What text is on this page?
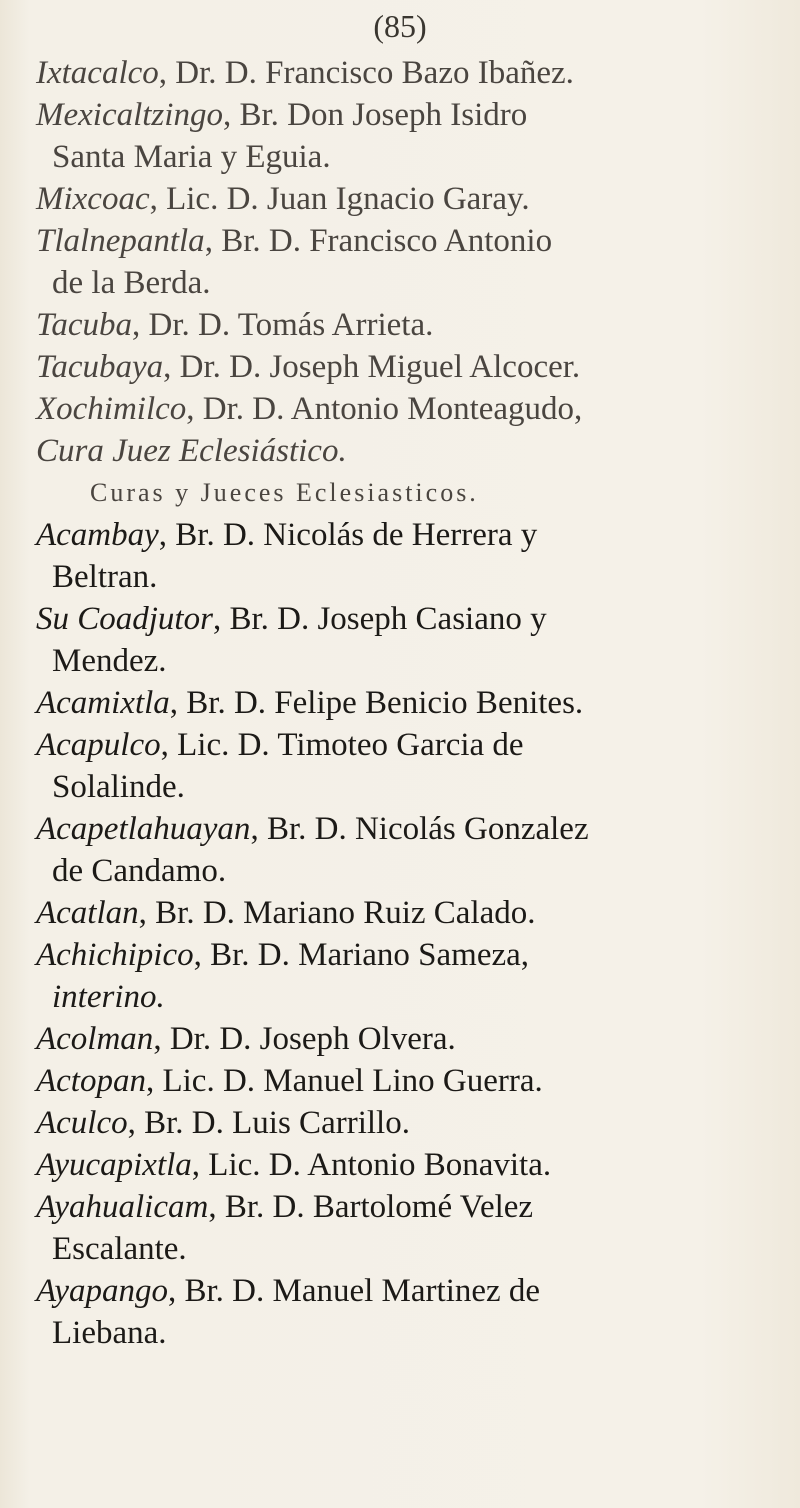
(85)

Ixtacalco, Dr. D. Francisco Bazo Ibañez.

Mexicaltzingo, Br. Don Joseph Isidro
Santa Maria y Eguia.

Mixcoac, Lic. D. Juan Ignacio Garay.

Tlalnepantla, Br. D. Francisco Antonio
de la Berda.

Tacuba, Dr. D. Tomás Arrieta.

Tacubaya, Dr. D. Joseph Miguel Alcocer.

Xochimilco, Dr. D. Antonio Monteagudo,

Cura Juez Eclesiástico.

Curas y Jueces Eclesiasticos.

Acambay, Br. D. Nicolás de Herrera y
Beltran.

Su Coadjutor, Br. D. Joseph Casiano y
Mendez.

Acamixtla, Br. D. Felipe Benicio Benites.

Acapulco, Lic. D. Timoteo Garcia de
Solalinde.

Acapetlahuayan, Br. D. Nicolás Gonzalez
de Candamo.

Acatlan, Br. D. Mariano Ruiz Calado.

Achichipico, Br. D. Mariano Sameza,
interino.

Acolman, Dr. D. Joseph Olvera.

Actopan, Lic. D. Manuel Lino Guerra.

Aculco, Br. D. Luis Carrillo.

Ayucapixtla, Lic. D. Antonio Bonavita.

Ayahualicam, Br. D. Bartolomé Velez
Escalante.

Ayapango, Br. D. Manuel Martinez de
Liebana.
